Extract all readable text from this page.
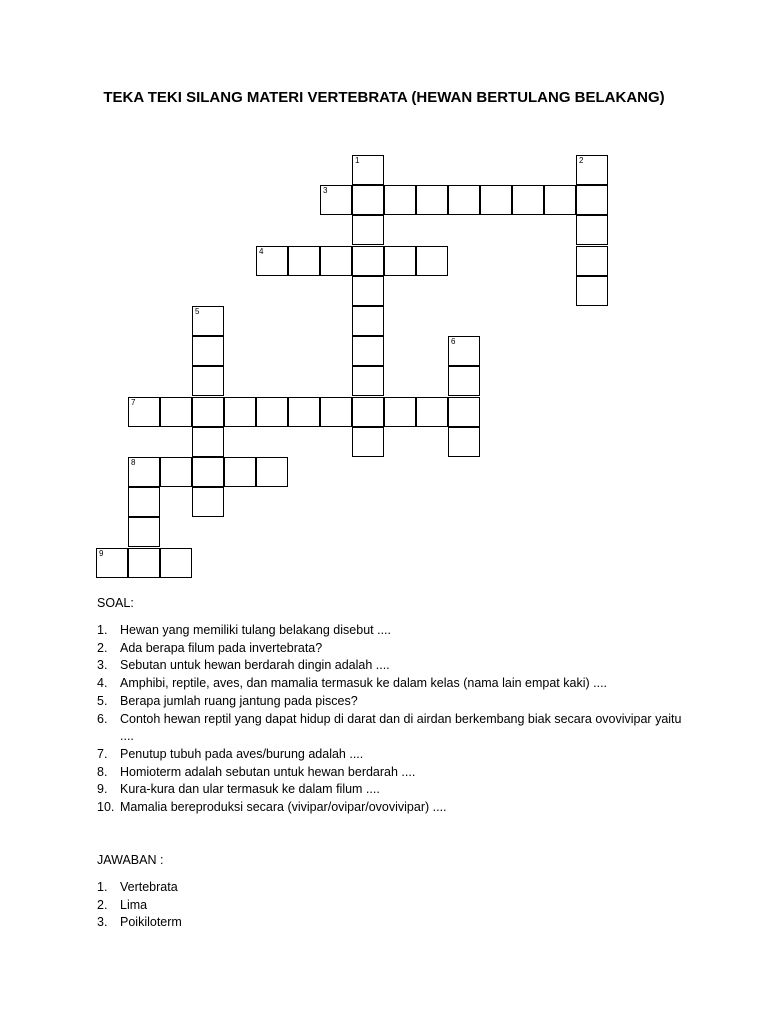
TEKA TEKI SILANG MATERI VERTEBRATA (HEWAN BERTULANG BELAKANG)
1	2
3
4
5
6
7
8
9
SOAL:
1. Hewan yang memiliki tulang belakang disebut ....
2. Ada berapa filum pada invertebrata?
3. Sebutan untuk hewan berdarah dingin adalah ....
4. Amphibi, reptile, aves, dan mamalia termasuk ke dalam kelas (nama lain empat kaki) ....
5. Berapa jumlah ruang jantung pada pisces?
6. Contoh hewan reptil yang dapat hidup di darat dan di airdan berkembang biak secara ovovivipar yaitu ....
7. Penutup tubuh pada aves/burung adalah ....
8. Homioterm adalah sebutan untuk hewan berdarah ....
9. Kura-kura dan ular termasuk ke dalam filum ....
10. Mamalia bereproduksi secara (vivipar/ovipar/ovovivipar) ....
JAWABAN :
1. Vertebrata
2. Lima
3. Poikiloterm
